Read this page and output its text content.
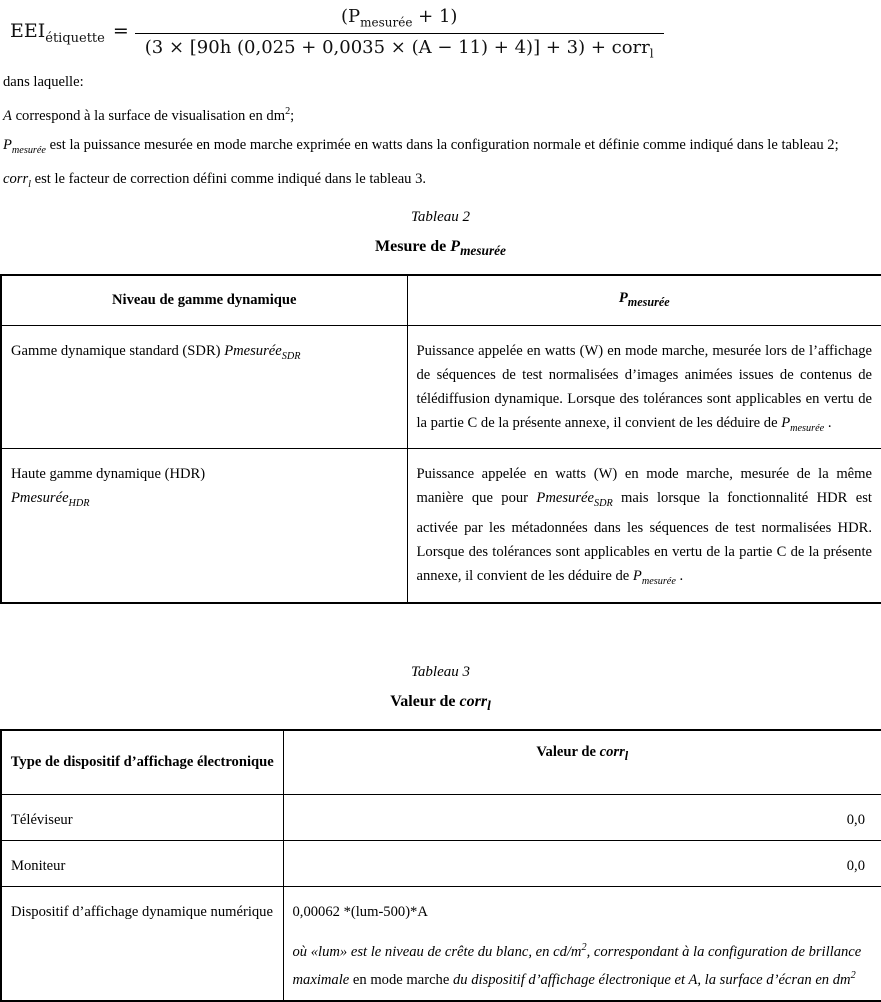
$EEI_{étiquette} = \frac{(P_{mesurée} + 1)}{(3 \times [90h (0,025 + 0,0035 \times (A - 11) + 4)] + 3) + corr_l}$

dans laquelle:

A correspond à la surface de visualisation en $dm^2$;

$P_{mesurée}$ est la puissance mesurée en mode marche exprimée en watts dans la configuration normale et définie comme indiqué dans le tableau 2;

corr$_l$ est le facteur de correction défini comme indiqué dans le tableau 3.

Tableau 2
Mesure de $P_{mesurée}$
Niveau de gamme dynamique	$P_{mesurée}$
Gamme dynamique standard (SDR) Pmesurée$_{SDR}$	Puissance appelée en watts (W) en mode marche, mesurée lors de l’affichage de séquences de test normalisées d’images animées issues de contenus de télédiffusion dynamique. Lorsque des tolérances sont applicables en vertu de la partie C de la présente annexe, il convient de les déduire de $P_{mesurée}$ .

Haute gamme dynamique (HDR)
Pmesurée$_{HDR}$	Puissance appelée en watts (W) en mode marche, mesurée de la même manière que pour Pmesurée$_{SDR}$ mais lorsque la fonctionnalité HDR est activée par les métadonnées dans les séquences de test normalisées HDR. Lorsque des tolérances sont applicables en vertu de la partie C de la présente annexe, il convient de les déduire de $P_{mesurée}$ .
Tableau 3
Valeur de corr$_l$
Type de dispositif d’affichage électronique	Valeur de corr$_l$
Téléviseur	0,0
Moniteur	0,0
Dispositif d’affichage dynamique numérique	0,00062 *(lum-500)*A
où «lum» est le niveau de crête du blanc, en $cd/m^2$, correspondant à la configuration de brillance maximale en mode marche du dispositif d’affichage électronique et A, la surface d’écran en $dm^2$
